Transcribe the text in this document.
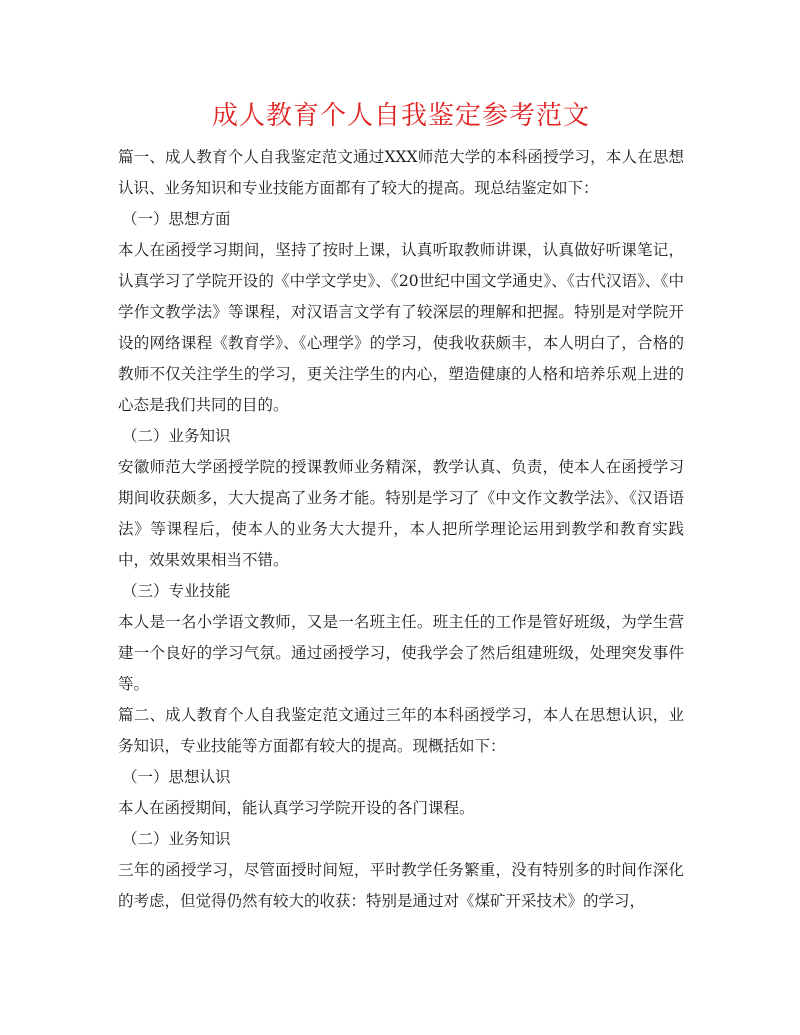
成人教育个人自我鉴定参考范文

篇一、成人教育个人自我鉴定范文通过XXX师范大学的本科函授学习，本人在思想认识、业务知识和专业技能方面都有了较大的提高。现总结鉴定如下：

（一）思想方面

本人在函授学习期间，坚持了按时上课，认真听取教师讲课，认真做好听课笔记，认真学习了学院开设的《中学文学史》、《20世纪中国文学通史》、《古代汉语》、《中学作文教学法》等课程，对汉语言文学有了较深层的理解和把握。特别是对学院开设的网络课程《教育学》、《心理学》的学习，使我收获颇丰，本人明白了，合格的教师不仅关注学生的学习，更关注学生的内心，塑造健康的人格和培养乐观上进的心态是我们共同的目的。

（二）业务知识

安徽师范大学函授学院的授课教师业务精深，教学认真、负责，使本人在函授学习期间收获颇多，大大提高了业务才能。特别是学习了《中文作文教学法》、《汉语语法》等课程后，使本人的业务大大提升，本人把所学理论运用到教学和教育实践中，效果效果相当不错。

（三）专业技能

本人是一名小学语文教师，又是一名班主任。班主任的工作是管好班级，为学生营建一个良好的学习气氛。通过函授学习，使我学会了然后组建班级，处理突发事件等。

篇二、成人教育个人自我鉴定范文通过三年的本科函授学习，本人在思想认识，业务知识，专业技能等方面都有较大的提高。现概括如下：

（一）思想认识

本人在函授期间，能认真学习学院开设的各门课程。

（二）业务知识

三年的函授学习，尽管面授时间短，平时教学任务繁重，没有特别多的时间作深化的考虑，但觉得仍然有较大的收获：特别是通过对《煤矿开采技术》的学习，
